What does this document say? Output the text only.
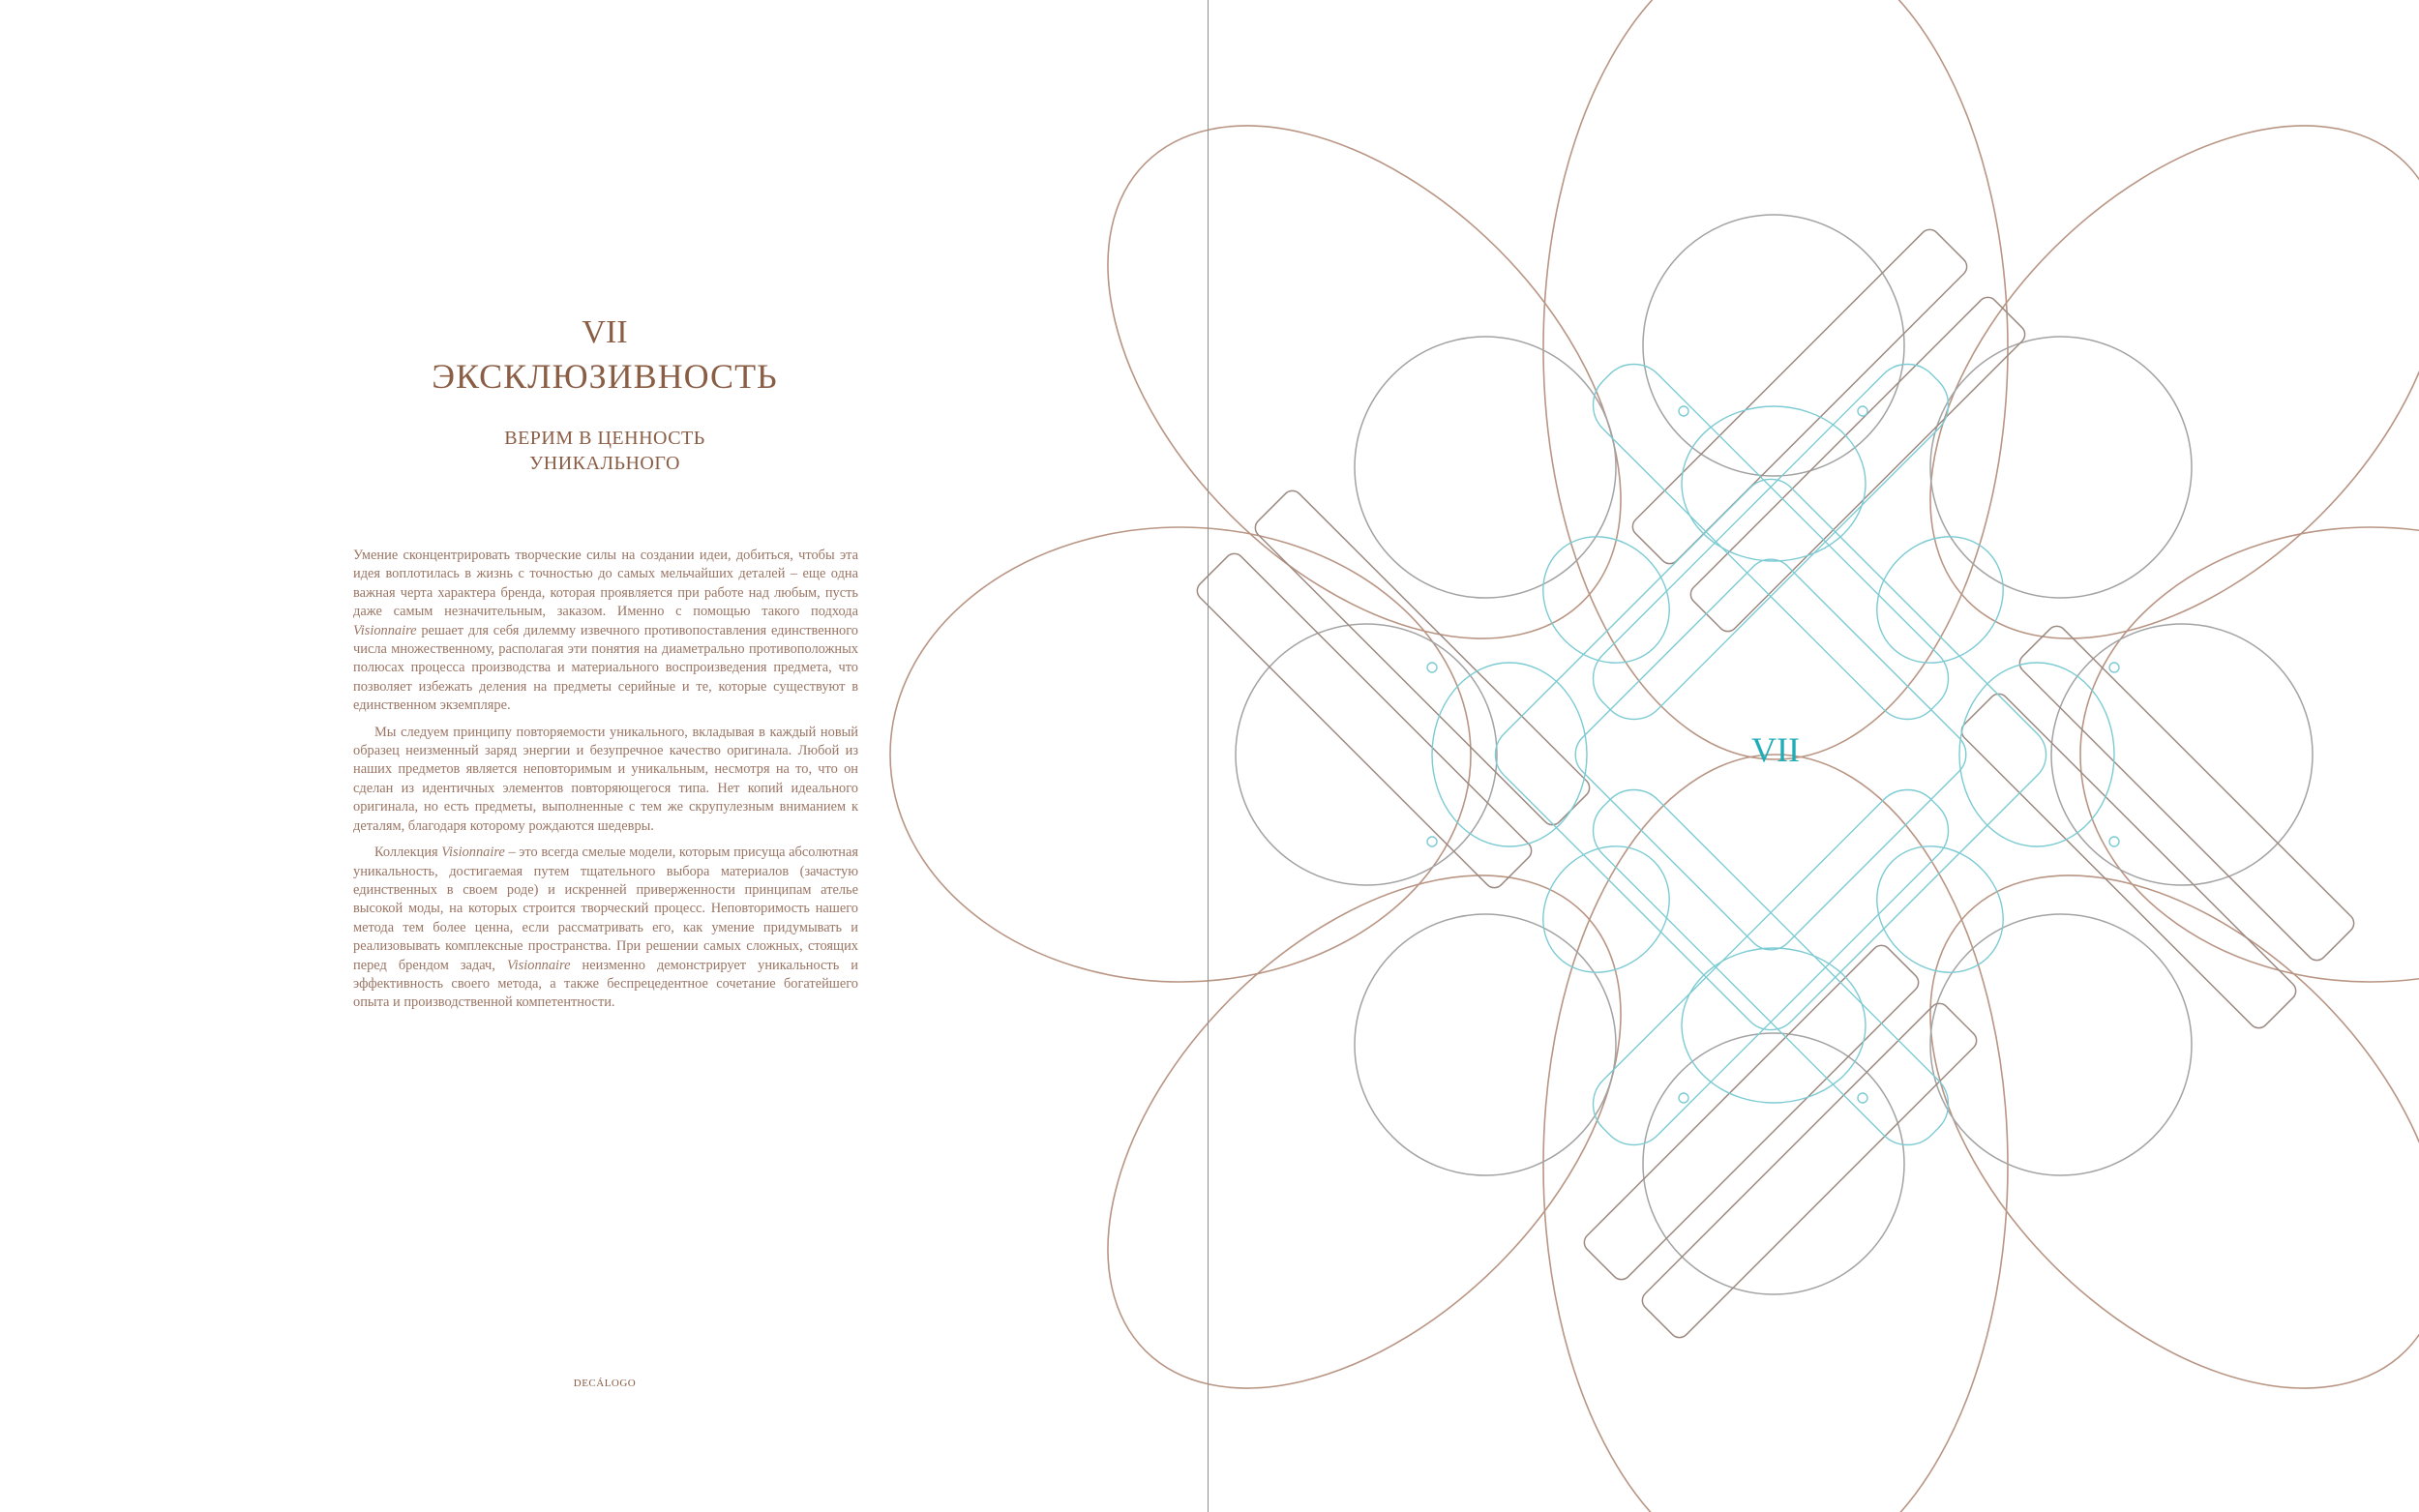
VII
ЭКСКЛЮЗИВНОСТЬ
ВЕРИМ В ЦЕННОСТЬ
УНИКАЛЬНОГО

Умение сконцентрировать творческие силы на создании идеи, добиться, чтобы эта идея воплотилась в жизнь с точностью до самых мельчайших деталей – еще одна важная черта характера бренда, которая проявляется при работе над любым, пусть даже самым незначительным, заказом. Именно с помощью такого подхода Visionnaire решает для себя дилемму извечного противопоставления единственного числа множественному, располагая эти понятия на диаметрально противоположных полюсах процесса производства и материального воспроизведения предмета, что позволяет избежать деления на предметы серийные и те, которые существуют в единственном экземпляре.

Мы следуем принципу повторяемости уникального, вкладывая в каждый новый образец неизменный заряд энергии и безупречное качество оригинала. Любой из наших предметов является неповторимым и уникальным, несмотря на то, что он сделан из идентичных элементов повторяющегося типа. Нет копий идеального оригинала, но есть предметы, выполненные с тем же скрупулезным вниманием к деталям, благодаря которому рождаются шедевры.

Коллекция Visionnaire – это всегда смелые модели, которым присуща абсолютная уникальность, достигаемая путем тщательного выбора материалов (зачастую единственных в своем роде) и искренней приверженности принципам ателье высокой моды, на которых строится творческий процесс. Неповторимость нашего метода тем более ценна, если рассматривать его, как умение придумывать и реализовывать комплексные пространства. При решении самых сложных, стоящих перед брендом задач, Visionnaire неизменно демонстрирует уникальность и эффективность своего метода, а также беспрецедентное сочетание богатейшего опыта и производственной компетентности.

DECÁLOGO
VII
